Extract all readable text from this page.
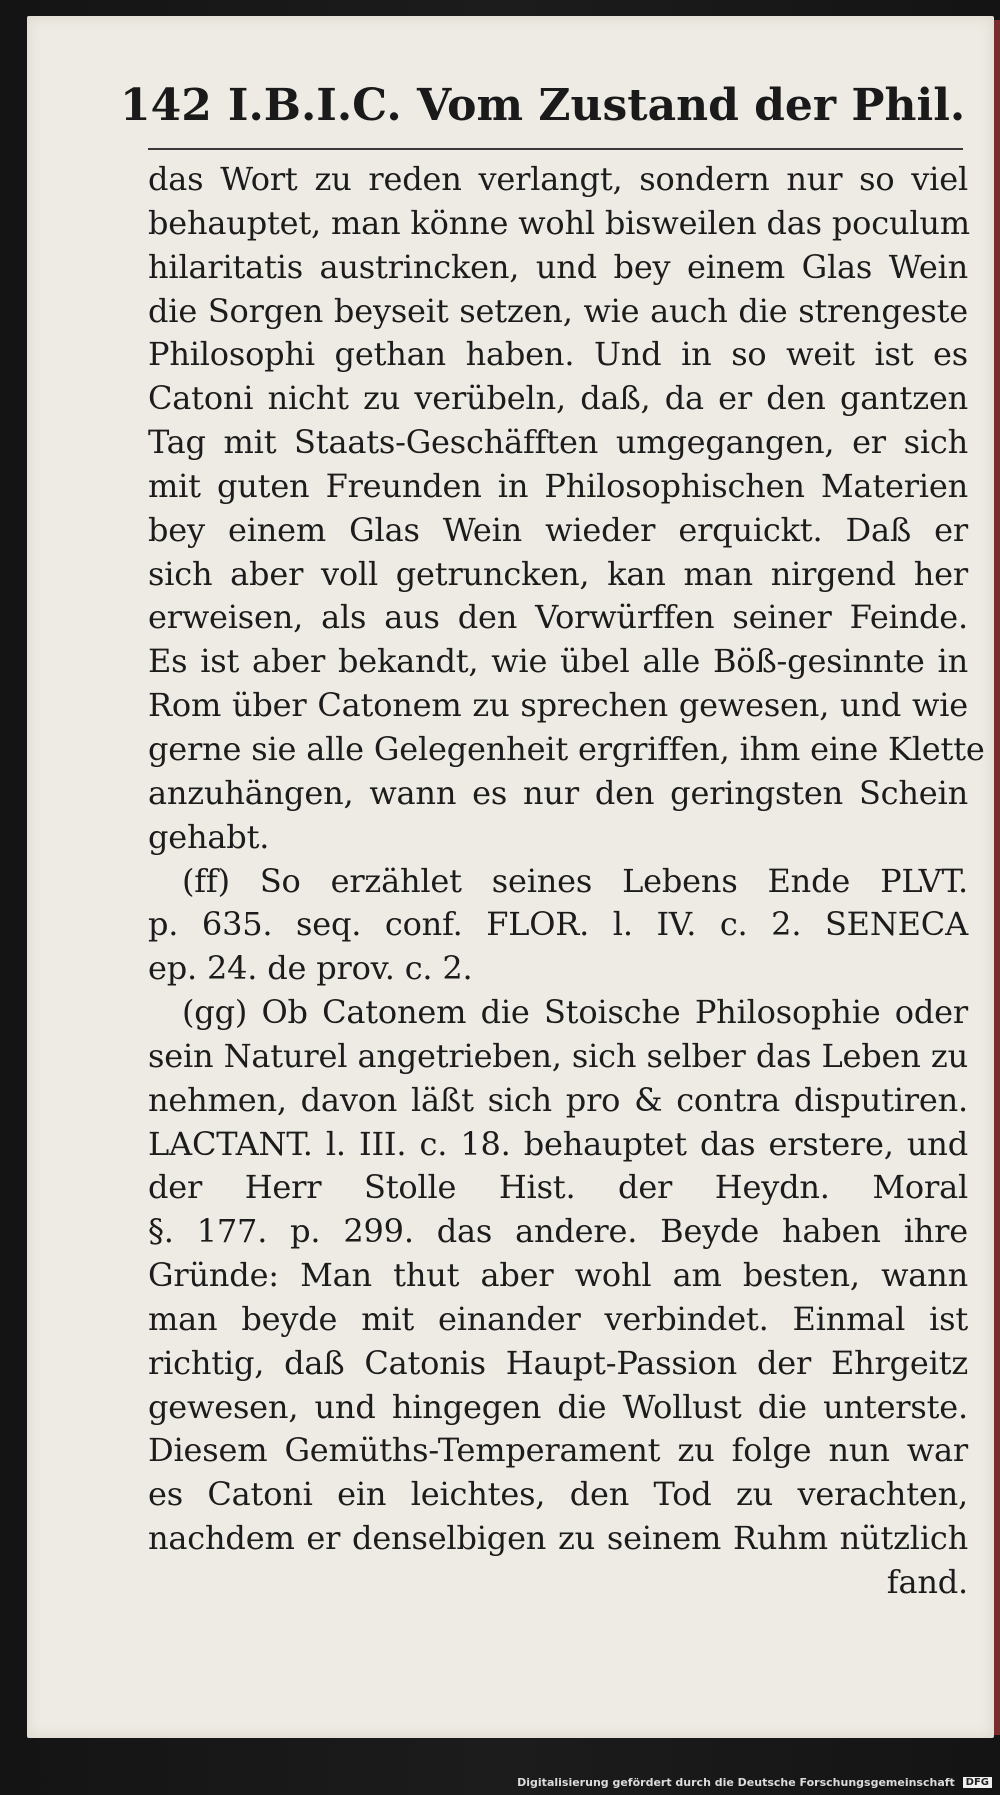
142 I.B.I.C. Vom Zustand der Phil.
das Wort zu reden verlangt, sondern nur so viel
behauptet, man könne wohl bisweilen das poculum
hilaritatis austrincken, und bey einem Glas Wein
die Sorgen beyseit setzen, wie auch die strengeste
Philosophi gethan haben. Und in so weit ist es
Catoni nicht zu verübeln, daß, da er den gantzen
Tag mit Staats-Geschäfften umgegangen, er sich
mit guten Freunden in Philosophischen Materien
bey einem Glas Wein wieder erquickt. Daß er
sich aber voll getruncken, kan man nirgend her
erweisen, als aus den Vorwürffen seiner Feinde.
Es ist aber bekandt, wie übel alle Böß-gesinnte in
Rom über Catonem zu sprechen gewesen, und wie
gerne sie alle Gelegenheit ergriffen, ihm eine Klette
anzuhängen, wann es nur den geringsten Schein
gehabt.
(ff) So erzählet seines Lebens Ende PLVT.
p. 635. seq. conf. FLOR. l. IV. c. 2. SENECA
ep. 24. de prov. c. 2.
(gg) Ob Catonem die Stoische Philosophie oder
sein Naturel angetrieben, sich selber das Leben zu
nehmen, davon läßt sich pro & contra disputiren.
LACTANT. l. III. c. 18. behauptet das erstere, und
der Herr Stolle Hist. der Heydn. Moral
§. 177. p. 299. das andere. Beyde haben ihre
Gründe: Man thut aber wohl am besten, wann
man beyde mit einander verbindet. Einmal ist
richtig, daß Catonis Haupt-Passion der Ehrgeitz
gewesen, und hingegen die Wollust die unterste.
Diesem Gemüths-Temperament zu folge nun war
es Catoni ein leichtes, den Tod zu verachten,
nachdem er denselbigen zu seinem Ruhm nützlich
fand.
Digitalisierung gefördert durch die Deutsche Forschungsgemeinschaft DFG
